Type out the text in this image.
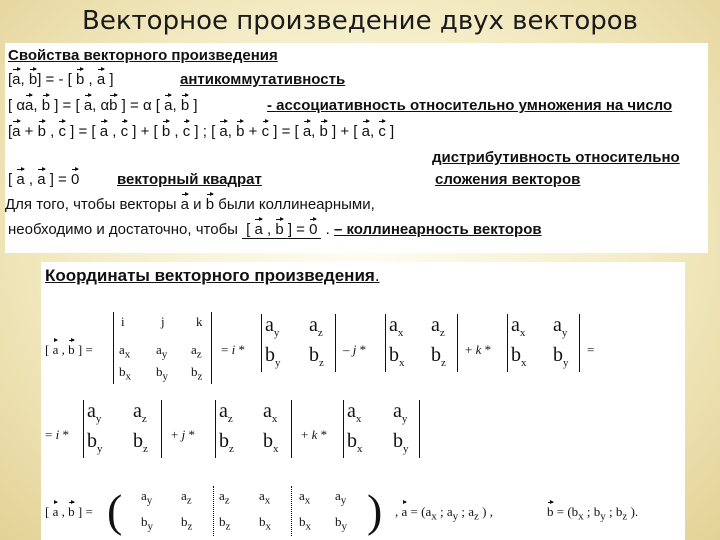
Векторное произведение двух векторов
Свойства векторного произведения
[a, b] = - [ b , a ]	антикоммутативность
[ αa, b ] = [ a, αb ] = α [ a, b ]	- ассоциативность относительно умножения на число
[a + b , c ] = [ a , c ] + [ b , c ] ; [ a, b + c ] = [ a, b ] + [ a, c ]
дистрибутивность относительно
сложения векторов
[ a , a ] = 0	векторный квадрат
Для того, чтобы векторы a и b были коллинеарными,
необходимо и достаточно, чтобы [ a , b ] = 0 . – коллинеарность векторов
Координаты векторного произведения.
[ a , b ] =
i	j k
$a_x$ $a_y$ $a_z$
$b_x$ $b_y$ $b_z$
= i *
$a_y$ $a_z$
$b_y$ $b_z$
– j *
$a_x$ $a_z$
$b_x$ $b_z$
+ k *
$a_x$ $a_y$
$b_x$ $b_y$
=
= i *
$a_y$ $a_z$
$b_y$ $b_z$
+ j *
$a_z$ $a_x$
$b_z$ $b_x$
+ k *
$a_x$ $a_y$
$b_x$ $b_y$
[ a , b ] = ( $a_y$ $a_z$
$b_y$ $b_z$
$a_z$ $a_x$
$b_z$ $b_x$
$a_x$ $a_y$
$b_x$ $b_y$ ) , $a = (a_x$ ; $a_y$ ; $a_z$ ) ,	$b = (b_x$ ; $b_y$ ; $b_z$ ).
